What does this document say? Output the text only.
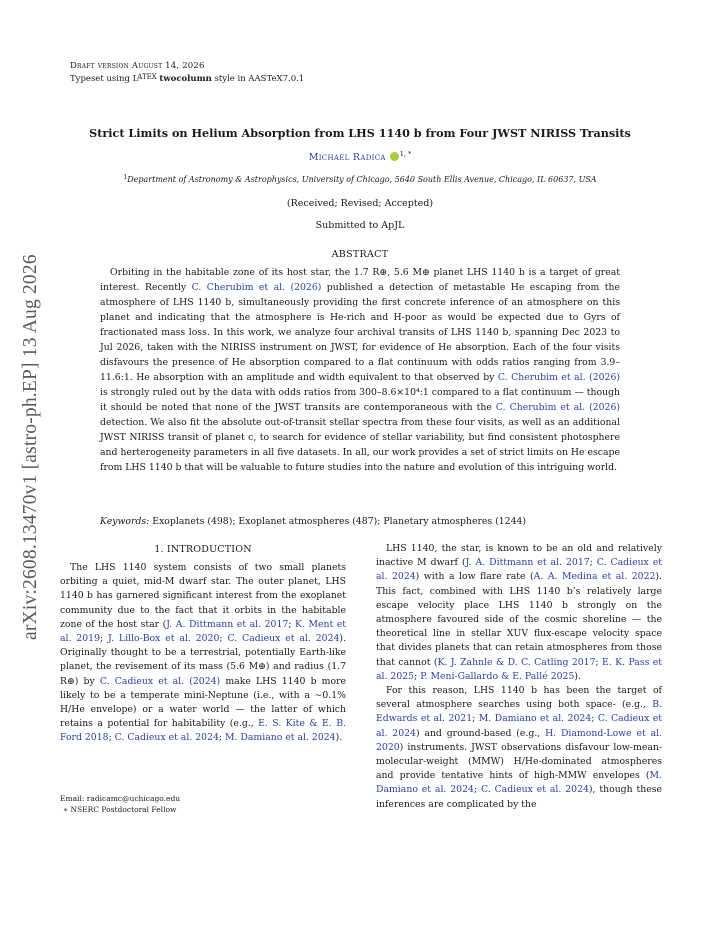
Draft version August 14, 2026
Typeset using $L^{ATEX}$ twocolumn style in AASTeX7.0.1
Strict Limits on Helium Absorption from LHS 1140 b from Four JWST NIRISS Transits
Michael Radica $^{1, *}$
$^1$Department of Astronomy & Astrophysics, University of Chicago, 5640 South Ellis Avenue, Chicago, IL 60637, USA
(Received; Revised; Accepted)
Submitted to ApJL
ABSTRACT
Orbiting in the habitable zone of its host star, the 1.7 R⊕, 5.6 M⊕ planet LHS 1140 b is a target of great interest. Recently C. Cherubim et al. (2026) published a detection of metastable He escaping from the atmosphere of LHS 1140 b, simultaneously providing the first concrete inference of an atmosphere on this planet and indicating that the atmosphere is He-rich and H-poor as would be expected due to Gyrs of fractionated mass loss. In this work, we analyze four archival transits of LHS 1140 b, spanning Dec 2023 to Jul 2026, taken with the NIRISS instrument on JWST, for evidence of He absorption. Each of the four visits disfavours the presence of He absorption compared to a flat continuum with odds ratios ranging from 3.9–11.6:1. He absorption with an amplitude and width equivalent to that observed by C. Cherubim et al. (2026) is strongly ruled out by the data with odds ratios from 300–8.6×10⁴:1 compared to a flat continuum — though it should be noted that none of the JWST transits are contemporaneous with the C. Cherubim et al. (2026) detection. We also fit the absolute out-of-transit stellar spectra from these four visits, as well as an additional JWST NIRISS transit of planet c, to search for evidence of stellar variability, but find consistent photosphere and herterogeneity parameters in all five datasets. In all, our work provides a set of strict limits on He escape from LHS 1140 b that will be valuable to future studies into the nature and evolution of this intriguing world.
Keywords: Exoplanets (498); Exoplanet atmospheres (487); Planetary atmospheres (1244)
1. INTRODUCTION

The LHS 1140 system consists of two small planets orbiting a quiet, mid-M dwarf star. The outer planet, LHS 1140 b has garnered significant interest from the exoplanet community due to the fact that it orbits in the habitable zone of the host star (J. A. Dittmann et al. 2017; K. Ment et al. 2019; J. Lillo-Box et al. 2020; C. Cadieux et al. 2024). Originally thought to be a terrestrial, potentially Earth-like planet, the revisement of its mass (5.6 M⊕) and radius (1.7 R⊕) by C. Cadieux et al. (2024) make LHS 1140 b more likely to be a temperate mini-Neptune (i.e., with a ∼0.1% H/He envelope) or a water world — the latter of which retains a potential for habitability (e.g., E. S. Kite & E. B. Ford 2018; C. Cadieux et al. 2024; M. Damiano et al. 2024).

Email: radicamc@uchicago.edu
∗ NSERC Postdoctoral Fellow

LHS 1140, the star, is known to be an old and relatively inactive M dwarf (J. A. Dittmann et al. 2017; C. Cadieux et al. 2024) with a low flare rate (A. A. Medina et al. 2022). This fact, combined with LHS 1140 b’s relatively large escape velocity place LHS 1140 b strongly on the atmosphere favoured side of the cosmic shoreline — the theoretical line in stellar XUV flux-escape velocity space that divides planets that can retain atmospheres from those that cannot (K. J. Zahnle & D. C. Catling 2017; E. K. Pass et al. 2025; P. Meni-Gallardo & E. Pallé 2025).

For this reason, LHS 1140 b has been the target of several atmosphere searches using both space- (e.g., B. Edwards et al. 2021; M. Damiano et al. 2024; C. Cadieux et al. 2024) and ground-based (e.g., H. Diamond-Lowe et al. 2020) instruments. JWST observations disfavour low-mean-molecular-weight (MMW) H/He-dominated atmospheres and provide tentative hints of high-MMW envelopes (M. Damiano et al. 2024; C. Cadieux et al. 2024), though these inferences are complicated by the

arXiv:2608.13470v1 [astro-ph.EP] 13 Aug 2026
